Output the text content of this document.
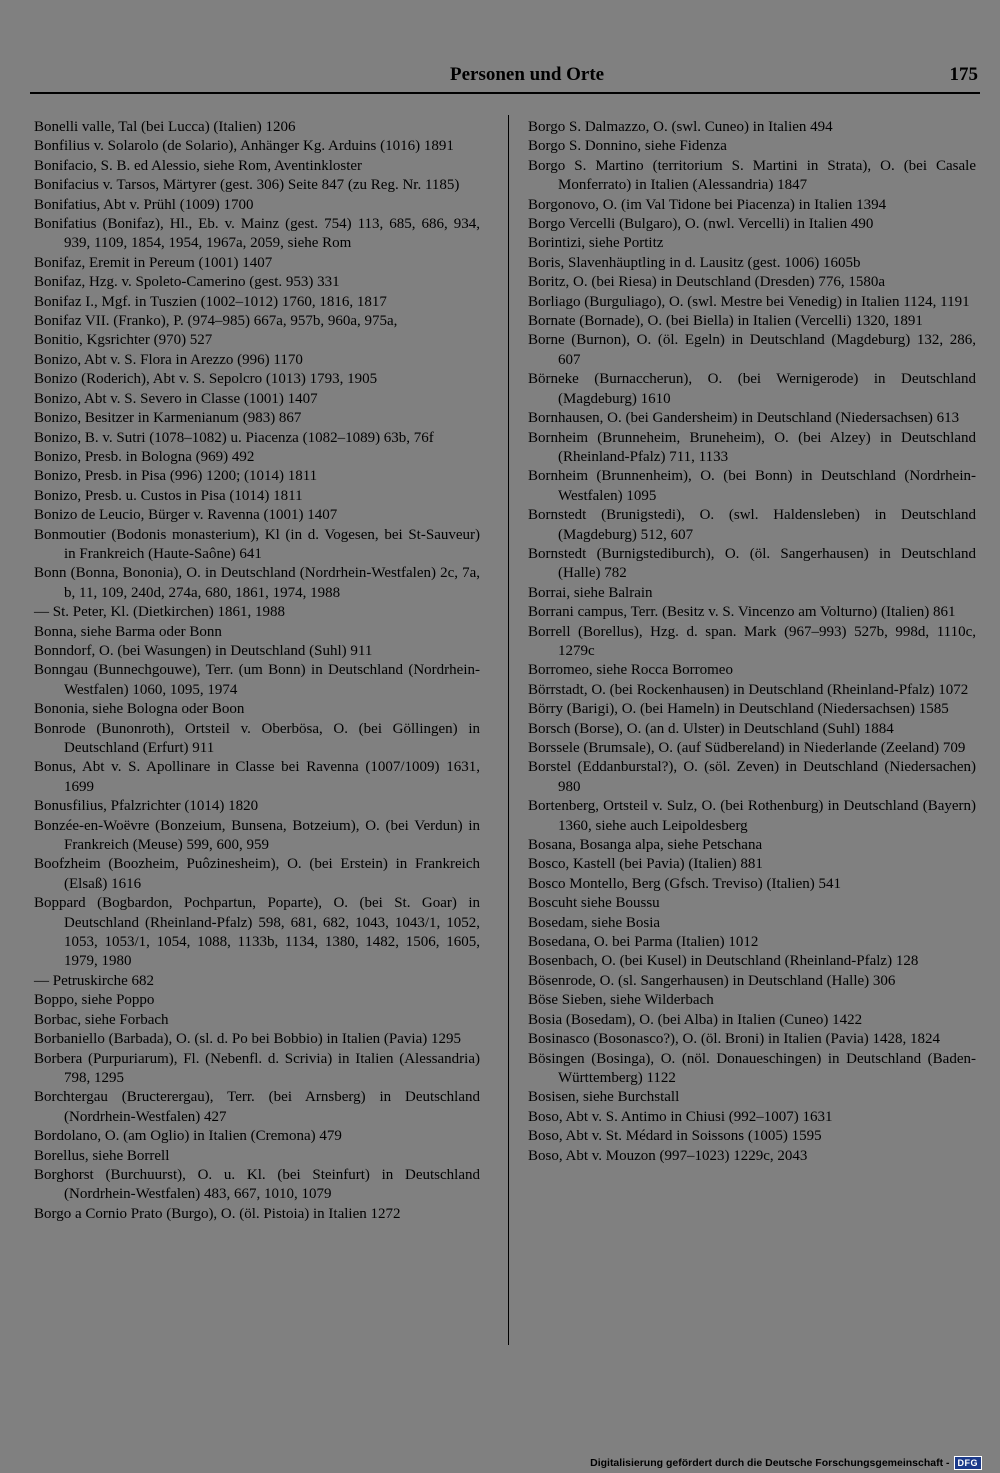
Personen und Orte	175

Bonelli valle, Tal (bei Lucca) (Italien) 1206

Bonfilius v. Solarolo (de Solario), Anhänger Kg. Arduins (1016) 1891

Bonifacio, S. B. ed Alessio, siehe Rom, Aventinkloster

Bonifacius v. Tarsos, Märtyrer (gest. 306) Seite 847 (zu Reg. Nr. 1185)

Bonifatius, Abt v. Prühl (1009) 1700

Bonifatius (Bonifaz), Hl., Eb. v. Mainz (gest. 754) 113, 685, 686, 934, 939, 1109, 1854, 1954, 1967a, 2059, siehe Rom

Bonifaz, Eremit in Pereum (1001) 1407

Bonifaz, Hzg. v. Spoleto-Camerino (gest. 953) 331

Bonifaz I., Mgf. in Tuszien (1002–1012) 1760, 1816, 1817

Bonifaz VII. (Franko), P. (974–985) 667a, 957b, 960a, 975a,

Bonitio, Kgsrichter (970) 527

Bonizo, Abt v. S. Flora in Arezzo (996) 1170

Bonizo (Roderich), Abt v. S. Sepolcro (1013) 1793, 1905

Bonizo, Abt v. S. Severo in Classe (1001) 1407

Bonizo, Besitzer in Karmenianum (983) 867

Bonizo, B. v. Sutri (1078–1082) u. Piacenza (1082–1089) 63b, 76f

Bonizo, Presb. in Bologna (969) 492

Bonizo, Presb. in Pisa (996) 1200; (1014) 1811

Bonizo, Presb. u. Custos in Pisa (1014) 1811

Bonizo de Leucio, Bürger v. Ravenna (1001) 1407

Bonmoutier (Bodonis monasterium), Kl (in d. Vogesen, bei St-Sauveur) in Frankreich (Haute-Saône) 641

Bonn (Bonna, Bononia), O. in Deutschland (Nordrhein-Westfalen) 2c, 7a, b, 11, 109, 240d, 274a, 680, 1861, 1974, 1988

— St. Peter, Kl. (Dietkirchen) 1861, 1988

Bonna, siehe Barma oder Bonn

Bonndorf, O. (bei Wasungen) in Deutschland (Suhl) 911

Bonngau (Bunnechgouwe), Terr. (um Bonn) in Deutschland (Nordrhein-Westfalen) 1060, 1095, 1974

Bononia, siehe Bologna oder Boon

Bonrode (Bunonroth), Ortsteil v. Oberbösa, O. (bei Göllingen) in Deutschland (Erfurt) 911

Bonus, Abt v. S. Apollinare in Classe bei Ravenna (1007/1009) 1631, 1699

Bonusfilius, Pfalzrichter (1014) 1820

Bonzée-en-Woëvre (Bonzeium, Bunsena, Botzeium), O. (bei Verdun) in Frankreich (Meuse) 599, 600, 959

Boofzheim (Boozheim, Puôzinesheim), O. (bei Erstein) in Frankreich (Elsaß) 1616

Boppard (Bogbardon, Pochpartun, Poparte), O. (bei St. Goar) in Deutschland (Rheinland-Pfalz) 598, 681, 682, 1043, 1043/1, 1052, 1053, 1053/1, 1054, 1088, 1133b, 1134, 1380, 1482, 1506, 1605, 1979, 1980

— Petruskirche 682

Boppo, siehe Poppo

Borbac, siehe Forbach

Borbaniello (Barbada), O. (sl. d. Po bei Bobbio) in Italien (Pavia) 1295

Borbera (Purpuriarum), Fl. (Nebenfl. d. Scrivia) in Italien (Alessandria) 798, 1295

Borchtergau (Bructerergau), Terr. (bei Arnsberg) in Deutschland (Nordrhein-Westfalen) 427

Bordolano, O. (am Oglio) in Italien (Cremona) 479

Borellus, siehe Borrell

Borghorst (Burchuurst), O. u. Kl. (bei Steinfurt) in Deutschland (Nordrhein-Westfalen) 483, 667, 1010, 1079

Borgo a Cornio Prato (Burgo), O. (öl. Pistoia) in Italien 1272

Borgo S. Dalmazzo, O. (swl. Cuneo) in Italien 494

Borgo S. Donnino, siehe Fidenza

Borgo S. Martino (territorium S. Martini in Strata), O. (bei Casale Monferrato) in Italien (Alessandria) 1847

Borgonovo, O. (im Val Tidone bei Piacenza) in Italien 1394

Borgo Vercelli (Bulgaro), O. (nwl. Vercelli) in Italien 490

Borintizi, siehe Portitz

Boris, Slavenhäuptling in d. Lausitz (gest. 1006) 1605b

Boritz, O. (bei Riesa) in Deutschland (Dresden) 776, 1580a

Borliago (Burguliago), O. (swl. Mestre bei Venedig) in Italien 1124, 1191

Bornate (Bornade), O. (bei Biella) in Italien (Vercelli) 1320, 1891

Borne (Burnon), O. (öl. Egeln) in Deutschland (Magdeburg) 132, 286, 607

Börneke (Burnaccherun), O. (bei Wernigerode) in Deutschland (Magdeburg) 1610

Bornhausen, O. (bei Gandersheim) in Deutschland (Niedersachsen) 613

Bornheim (Brunneheim, Bruneheim), O. (bei Alzey) in Deutschland (Rheinland-Pfalz) 711, 1133

Bornheim (Brunnenheim), O. (bei Bonn) in Deutschland (Nordrhein-Westfalen) 1095

Bornstedt (Brunigstedi), O. (swl. Haldensleben) in Deutschland (Magdeburg) 512, 607

Bornstedt (Burnigstediburch), O. (öl. Sangerhausen) in Deutschland (Halle) 782

Borrai, siehe Balrain

Borrani campus, Terr. (Besitz v. S. Vincenzo am Volturno) (Italien) 861

Borrell (Borellus), Hzg. d. span. Mark (967–993) 527b, 998d, 1110c, 1279c

Borromeo, siehe Rocca Borromeo

Börrstadt, O. (bei Rockenhausen) in Deutschland (Rheinland-Pfalz) 1072

Börry (Barigi), O. (bei Hameln) in Deutschland (Niedersachsen) 1585

Borsch (Borse), O. (an d. Ulster) in Deutschland (Suhl) 1884

Borssele (Brumsale), O. (auf Südbereland) in Niederlande (Zeeland) 709

Borstel (Eddanburstal?), O. (söl. Zeven) in Deutschland (Niedersachen) 980

Bortenberg, Ortsteil v. Sulz, O. (bei Rothenburg) in Deutschland (Bayern) 1360, siehe auch Leipoldesberg

Bosana, Bosanga alpa, siehe Petschana

Bosco, Kastell (bei Pavia) (Italien) 881

Bosco Montello, Berg (Gfsch. Treviso) (Italien) 541

Boscuht siehe Boussu

Bosedam, siehe Bosia

Bosedana, O. bei Parma (Italien) 1012

Bosenbach, O. (bei Kusel) in Deutschland (Rheinland-Pfalz) 128

Bösenrode, O. (sl. Sangerhausen) in Deutschland (Halle) 306

Böse Sieben, siehe Wilderbach

Bosia (Bosedam), O. (bei Alba) in Italien (Cuneo) 1422

Bosinasco (Bosonasco?), O. (öl. Broni) in Italien (Pavia) 1428, 1824

Bösingen (Bosinga), O. (nöl. Donaueschingen) in Deutschland (Baden-Württemberg) 1122

Bosisen, siehe Burchstall

Boso, Abt v. S. Antimo in Chiusi (992–1007) 1631

Boso, Abt v. St. Médard in Soissons (1005) 1595

Boso, Abt v. Mouzon (997–1023) 1229c, 2043

Digitalisierung gefördert durch die Deutsche Forschungsgemeinschaft - DFG
